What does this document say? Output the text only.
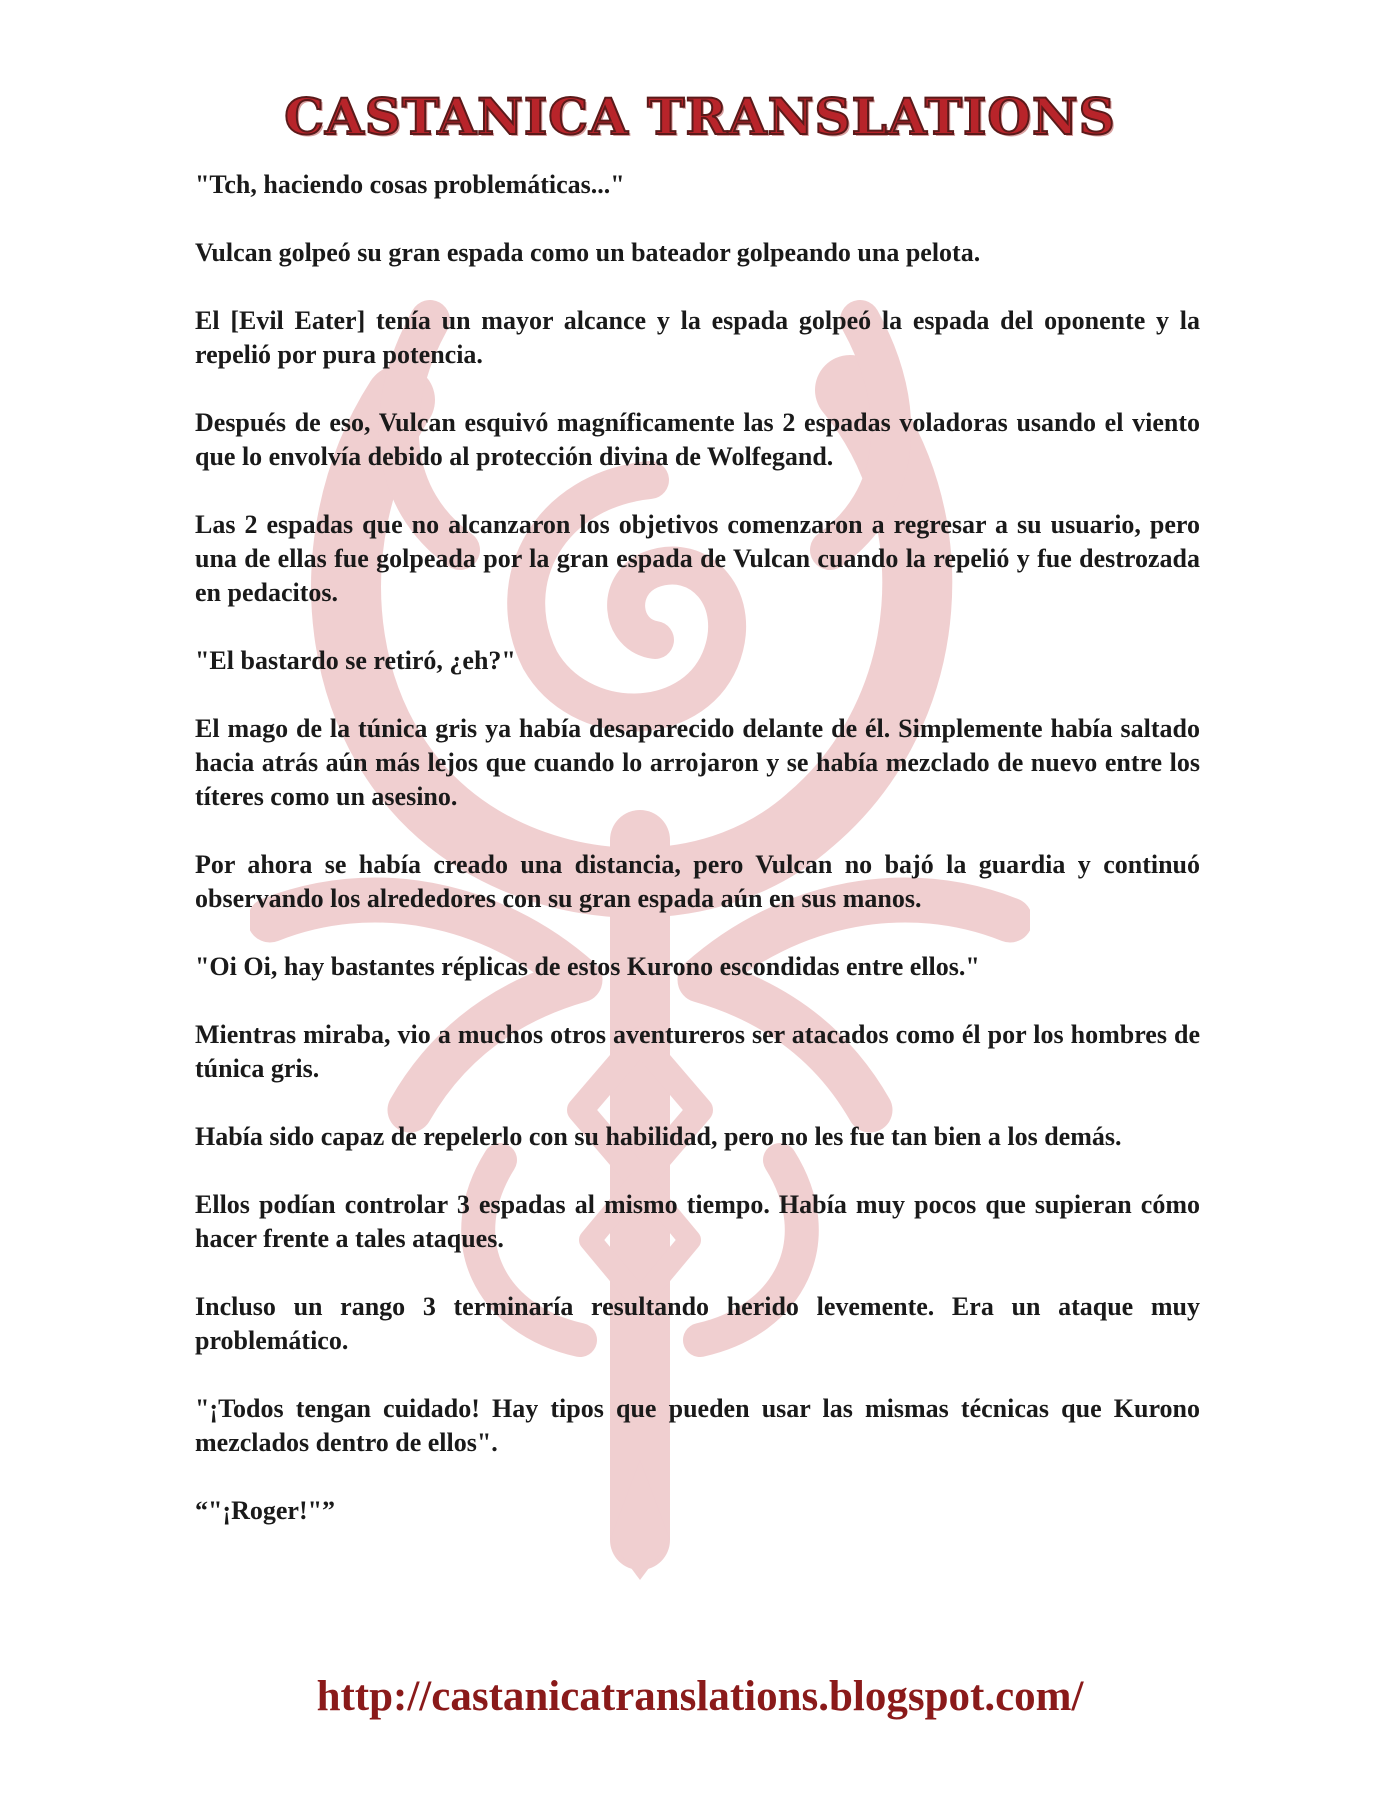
CASTANICA TRANSLATIONS

"Tch, haciendo cosas problemáticas..."

Vulcan golpeó su gran espada como un bateador golpeando una pelota.

El [Evil Eater] tenía un mayor alcance y la espada golpeó la espada del oponente y la repelió por pura potencia.

Después de eso, Vulcan esquivó magníficamente las 2 espadas voladoras usando el viento que lo envolvía debido al protección divina de Wolfegand.

Las 2 espadas que no alcanzaron los objetivos comenzaron a regresar a su usuario, pero una de ellas fue golpeada por la gran espada de Vulcan cuando la repelió y fue destrozada en pedacitos.

"El bastardo se retiró, ¿eh?"

El mago de la túnica gris ya había desaparecido delante de él. Simplemente había saltado hacia atrás aún más lejos que cuando lo arrojaron y se había mezclado de nuevo entre los títeres como un asesino.

Por ahora se había creado una distancia, pero Vulcan no bajó la guardia y continuó observando los alrededores con su gran espada aún en sus manos.

"Oi Oi, hay bastantes réplicas de estos Kurono escondidas entre ellos."

Mientras miraba, vio a muchos otros aventureros ser atacados como él por los hombres de túnica gris.

Había sido capaz de repelerlo con su habilidad, pero no les fue tan bien a los demás.

Ellos podían controlar 3 espadas al mismo tiempo. Había muy pocos que supieran cómo hacer frente a tales ataques.

Incluso un rango 3 terminaría resultando herido levemente. Era un ataque muy problemático.

"¡Todos tengan cuidado! Hay tipos que pueden usar las mismas técnicas que Kurono mezclados dentro de ellos".

“"¡Roger!"”

http://castanicatranslations.blogspot.com/
